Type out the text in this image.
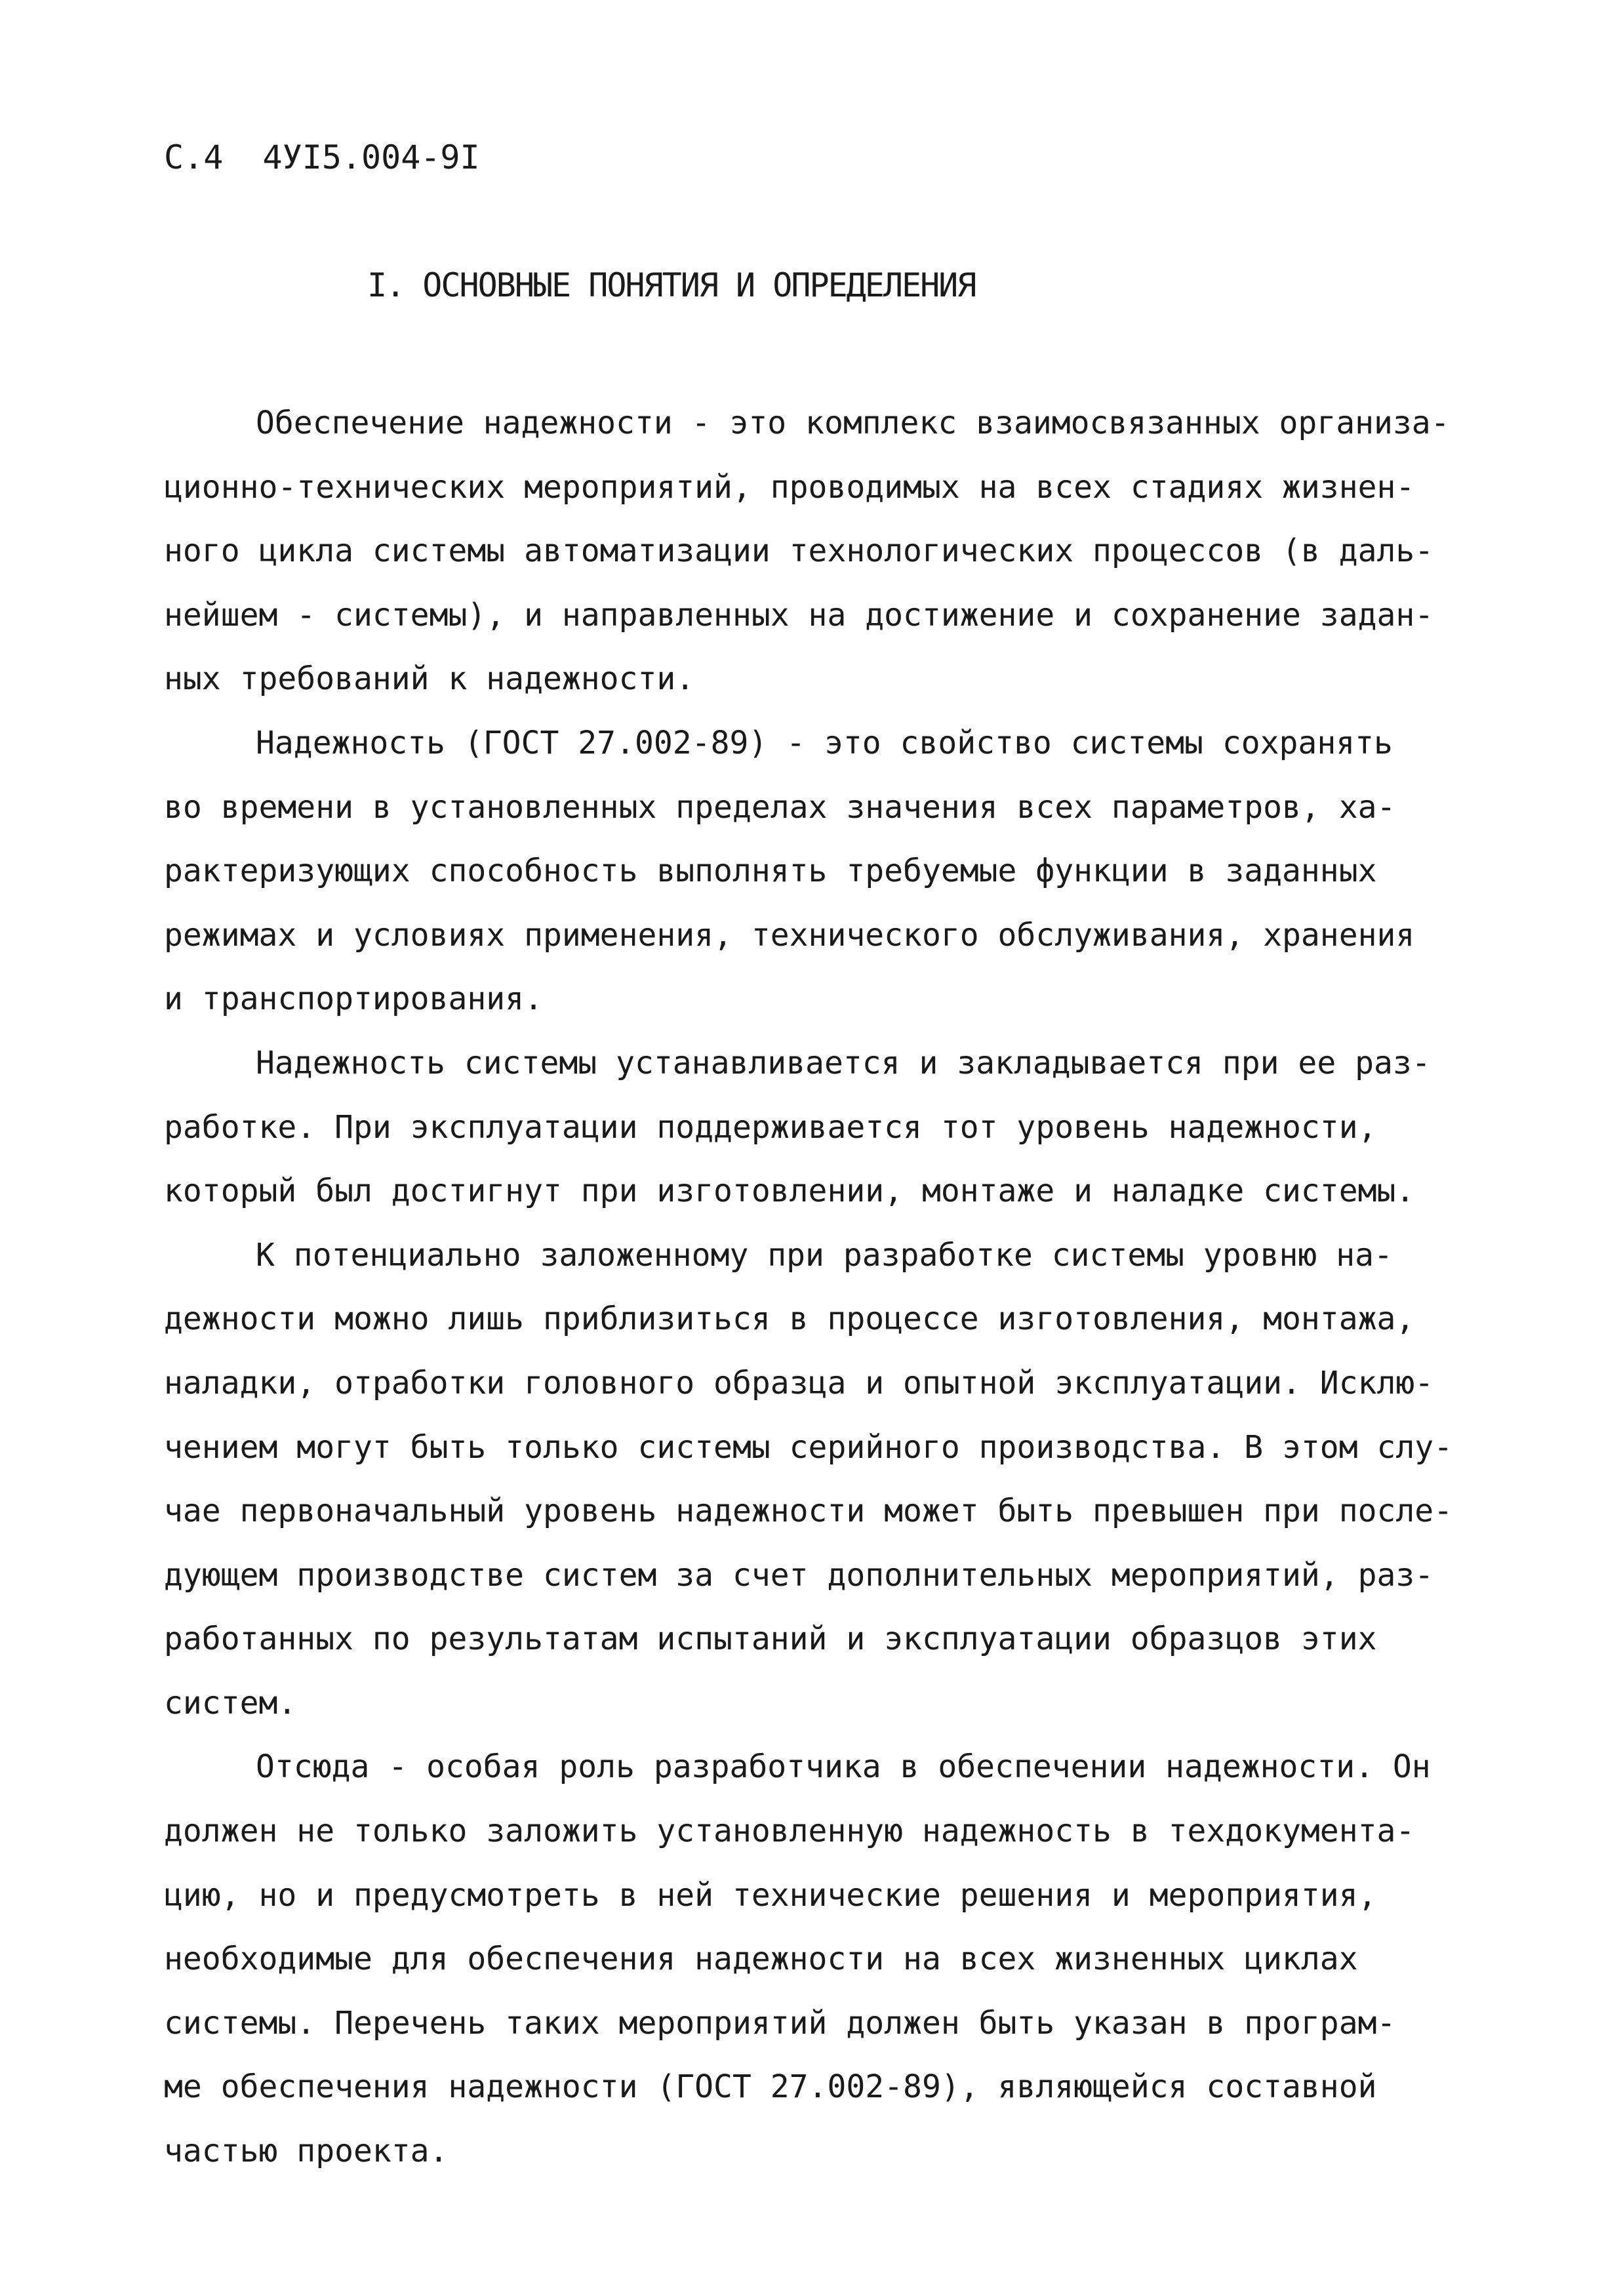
С.4  4УI5.004-9I
I. ОСНОВНЫЕ ПОНЯТИЯ И ОПРЕДЕЛЕНИЯ
Обеспечение надежности - это комплекс взаимосвязанных организа-
ционно-технических мероприятий, проводимых на всех стадиях жизнен-
ного цикла системы автоматизации технологических процессов (в даль-
нейшем - системы), и направленных на достижение и сохранение задан-
ных требований к надежности.
Надежность (ГОСТ 27.002-89) - это свойство системы сохранять
во времени в установленных пределах значения всех параметров, ха-
рактеризующих способность выполнять требуемые функции в заданных
режимах и условиях применения, технического обслуживания, хранения
и транспортирования.
Надежность системы устанавливается и закладывается при ее раз-
работке. При эксплуатации поддерживается тот уровень надежности,
который был достигнут при изготовлении, монтаже и наладке системы.
К потенциально заложенному при разработке системы уровню на-
дежности можно лишь приблизиться в процессе изготовления, монтажа,
наладки, отработки головного образца и опытной эксплуатации. Исклю-
чением могут быть только системы серийного производства. В этом слу-
чае первоначальный уровень надежности может быть превышен при после-
дующем производстве систем за счет дополнительных мероприятий, раз-
работанных по результатам испытаний и эксплуатации образцов этих
систем.
Отсюда - особая роль разработчика в обеспечении надежности. Он
должен не только заложить установленную надежность в техдокумента-
цию, но и предусмотреть в ней технические решения и мероприятия,
необходимые для обеспечения надежности на всех жизненных циклах
системы. Перечень таких мероприятий должен быть указан в програм-
ме обеспечения надежности (ГОСТ 27.002-89), являющейся составной
частью проекта.
